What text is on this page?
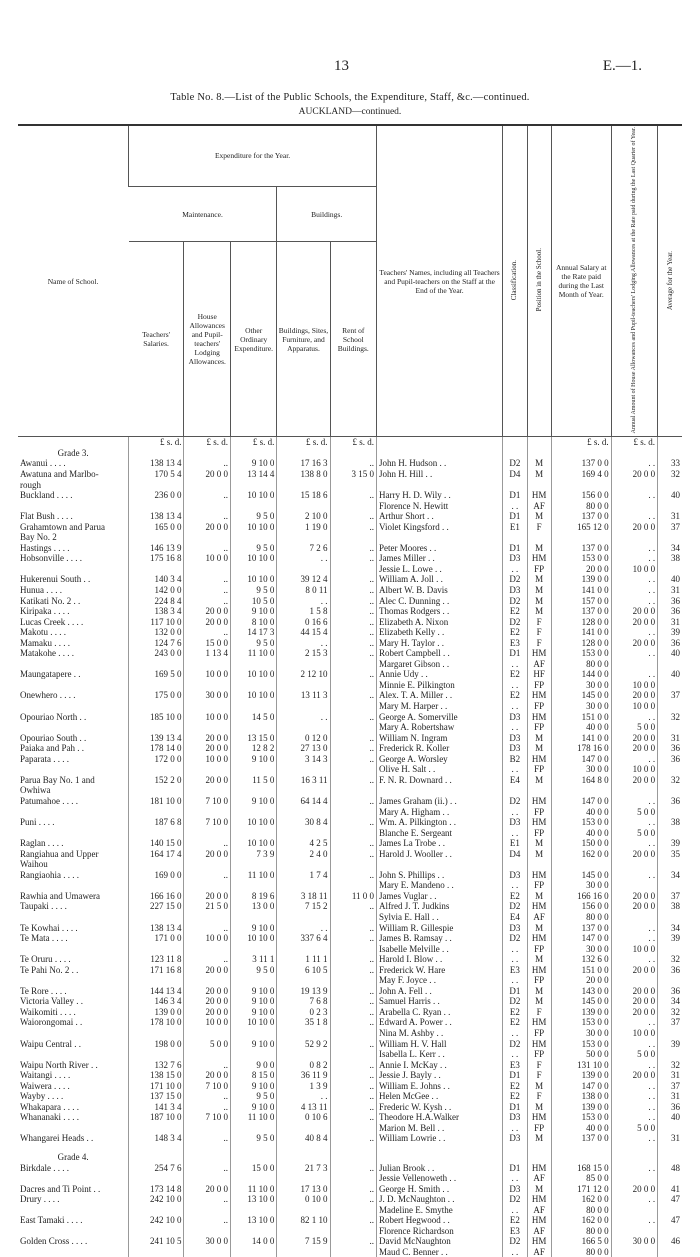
13	E.—1.
Table No. 8.—List of the Public Schools, the Expenditure, Staff, &c.—continued.
AUCKLAND—continued.
Name of School.	Expenditure for the Year.					Teachers' Names, including all Teachers and Pupil-teachers on the Staff at the End of the Year.	Classification.	Position in the School.	Annual Salary at the Rate paid during the Last Month of Year.	Annual Amount of House Allowances and Pupil-teachers' Lodging Allowances at the Rate paid during the Last Quarter of Year.	Average for the Year.
	Maintenance.			Buildings.							
	Teachers' Salaries.	House Allowances and Pupil-teachers' Lodging Allowances.	Other Ordinary Expenditure.	Buildings, Sites, Furniture, and Apparatus.	Rent of School Buildings.						
	£ s. d.	£ s. d.	£ s. d.	£ s. d.	£ s. d.				£ s. d.	£ s. d.	
Grade 3.											
Awanui . . . .	138 13 4	..	9 10 0	17 16 3	..	John H. Hudson . .	D2	M	137 0 0	. .	33
Awatuna and Marlbo-	170 5 4	20 0 0	13 14 4	138 8 0	3 15 0	John H. Hill . .	D4	M	169 4 0	20 0 0	32
rough											
Buckland . . . .	236 0 0	..	10 10 0	15 18 6	..	Harry H. D. Wily . .	D1	HM	156 0 0	. .	40
						Florence N. Hewitt	. .	AF	80 0 0		
Flat Bush . . . .	138 13 4	..	9 5 0	2 10 0	..	Arthur Short . .	D1	M	137 0 0	. .	31
Grahamtown and Parua	165 0 0	20 0 0	10 10 0	1 19 0	..	Violet Kingsford . .	E1	F	165 12 0	20 0 0	37
Bay No. 2											
Hastings . . . .	146 13 9	..	9 5 0	7 2 6	..	Peter Moores . .	D1	M	137 0 0	. .	34
Hobsonville . . . .	175 16 8	10 0 0	10 10 0	. .	..	James Miller . .	D3	HM	153 0 0	. .	38
						Jessie L. Lowe . .	. .	FP	20 0 0	10 0 0	
Hukerenui South . .	140 3 4	..	10 10 0	39 12 4	..	William A. Joll . .	D2	M	139 0 0	. .	40
Hunua . . . .	142 0 0	..	9 5 0	8 0 11	..	Albert W. B. Davis	D3	M	141 0 0	. .	31
Katikati No. 2 . .	224 8 4	..	10 5 0	. .	..	Alec C. Dunning . .	D2	M	157 0 0	. .	36
Kiripaka . . . .	138 3 4	20 0 0	9 10 0	1 5 8	..	Thomas Rodgers . .	E2	M	137 0 0	20 0 0	36
Lucas Creek . . . .	117 10 0	20 0 0	8 10 0	0 16 6	..	Elizabeth A. Nixon	D2	F	128 0 0	20 0 0	31
Makotu . . . .	132 0 0	..	14 17 3	44 15 4	..	Elizabeth Kelly . .	E2	F	141 0 0	. .	39
Mamaku . . . .	124 7 6	15 0 0	9 5 0	. .	..	Mary H. Taylor . .	E3	F	128 0 0	20 0 0	36
Matakohe . . . .	243 0 0	1 13 4	11 10 0	2 15 3	..	Robert Campbell . .	D1	HM	153 0 0	. .	40
						Margaret Gibson . .	. .	AF	80 0 0		
Maungatapere . .	169 5 0	10 0 0	10 10 0	2 12 10	..	Annie Udy . .	E2	HF	144 0 0	. .	40
						Minnie E. Pilkington	. .	FP	30 0 0	10 0 0	
Onewhero . . . .	175 0 0	30 0 0	10 10 0	13 11 3	..	Alex. T. A. Miller . .	E2	HM	145 0 0	20 0 0	37
						Mary M. Harper . .	. .	FP	30 0 0	10 0 0	
Opouriao North . .	185 10 0	10 0 0	14 5 0	. .	..	George A. Somerville	D3	HM	151 0 0	. .	32
						Mary A. Robertshaw	. .	FP	40 0 0	5 0 0	
Opouriao South . .	139 13 4	20 0 0	13 15 0	0 12 0	..	William N. Ingram	D3	M	141 0 0	20 0 0	31
Paiaka and Pah . .	178 14 0	20 0 0	12 8 2	27 13 0	..	Frederick R. Koller	D3	M	178 16 0	20 0 0	36
Paparata . . . .	172 0 0	10 0 0	9 10 0	3 14 3	..	George A. Worsley	B2	HM	147 0 0	. .	36
						Olive H. Salt . .	. .	FP	30 0 0	10 0 0	
Parua Bay No. 1 and	152 2 0	20 0 0	11 5 0	16 3 11	..	F. N. R. Downard . .	E4	M	164 8 0	20 0 0	32
Owhiwa											
Patumahoe . . . .	181 10 0	7 10 0	9 10 0	64 14 4	..	James Graham (ii.) . .	D2	HM	147 0 0	. .	36
						Mary A. Higham . .	. .	FP	40 0 0	5 0 0	
Puni . . . .	187 6 8	7 10 0	10 10 0	30 8 4	..	Wm. A. Pilkington . .	D3	HM	153 0 0	. .	38
						Blanche E. Sergeant	. .	FP	40 0 0	5 0 0	
Raglan . . . .	140 15 0	..	10 10 0	4 2 5	..	James La Trobe . .	E1	M	150 0 0	. .	39
Rangiahua and Upper	164 17 4	20 0 0	7 3 9	2 4 0	..	Harold J. Wooller . .	D4	M	162 0 0	20 0 0	35
Waihou											
Rangiaohia . . . .	169 0 0	..	11 10 0	1 7 4	..	John S. Phillips . .	D3	HM	145 0 0	. .	34
						Mary E. Mandeno . .	. .	FP	30 0 0		
Rawhia and Umawera	166 16 0	20 0 0	8 19 6	3 18 11	11 0 0	James Vuglar . .	E2	M	166 16 0	20 0 0	37
Taupaki . . . .	227 15 0	21 5 0	13 0 0	7 15 2	..	Alfred J. T. Judkins	D2	HM	156 0 0	20 0 0	38
						Sylvia E. Hall . .	E4	AF	80 0 0		
Te Kowhai . . . .	138 13 4	..	9 10 0	. .	..	William R. Gillespie	D3	M	137 0 0	. .	34
Te Mata . . . .	171 0 0	10 0 0	10 10 0	337 6 4	..	James B. Ramsay . .	D2	HM	147 0 0	. .	39
						Isabelle Melville . .	. .	FP	30 0 0	10 0 0	
Te Oruru . . . .	123 11 8	..	3 11 1	1 11 1	..	Harold I. Blow . .	. .	M	132 6 0	. .	32
Te Pahi No. 2 . .	171 16 8	20 0 0	9 5 0	6 10 5	..	Frederick W. Hare	E3	HM	151 0 0	20 0 0	36
						May F. Joyce . .	. .	FP	20 0 0		
Te Rore . . . .	144 13 4	20 0 0	9 10 0	19 13 9	..	John A. Fell . .	D1	M	143 0 0	20 0 0	36
Victoria Valley . .	146 3 4	20 0 0	9 10 0	7 6 8	..	Samuel Harris . .	D2	M	145 0 0	20 0 0	34
Waikomiti . . . .	139 0 0	20 0 0	9 10 0	0 2 3	..	Arabella C. Ryan . .	E2	F	139 0 0	20 0 0	32
Waiorongomai . .	178 10 0	10 0 0	10 10 0	35 1 8	..	Edward A. Power . .	E2	HM	153 0 0	. .	37
						Nina M. Ashby . .	. .	FP	30 0 0	10 0 0	
Waipu Central . .	198 0 0	5 0 0	9 10 0	52 9 2	..	William H. V. Hall	D2	HM	153 0 0	. .	39
						Isabella L. Kerr . .	. .	FP	50 0 0	5 0 0	
Waipu North River . .	132 7 6	..	9 0 0	0 8 2	..	Annie I. McKay . .	E3	F	131 10 0	. .	32
Waitangi . . . .	138 15 0	20 0 0	8 15 0	36 11 9	..	Jessie J. Bayly . .	D1	F	139 0 0	20 0 0	31
Waiwera . . . .	171 10 0	7 10 0	9 10 0	1 3 9	..	William E. Johns . .	E2	M	147 0 0	. .	37
Wayby . . . .	137 15 0	..	9 5 0	. .	..	Helen McGee . .	E2	F	138 0 0	. .	31
Whakapara . . . .	141 3 4	..	9 10 0	4 13 11	..	Frederic W. Kysh . .	D1	M	139 0 0	. .	36
Whananaki . . . .	187 10 0	7 10 0	11 10 0	0 10 6	..	Theodore H.A.Walker	D3	HM	153 0 0	. .	40
						Marion M. Bell . .	. .	FP	40 0 0	5 0 0	
Whangarei Heads . .	148 3 4	..	9 5 0	40 8 4	..	William Lowrie . .	D3	M	137 0 0	. .	31

Grade 4.											
Birkdale . . . .	254 7 6	..	15 0 0	21 7 3	..	Julian Brook . .	D1	HM	168 15 0	. .	48
						Jessie Vellenoweth . .	. .	AF	85 0 0		
Dacres and Ti Point . .	173 14 8	20 0 0	11 10 0	17 13 0	..	George H. Smith . .	D3	M	171 12 0	20 0 0	41
Drury . . . .	242 10 0	..	13 10 0	0 10 0	..	J. D. McNaughton . .	D2	HM	162 0 0	. .	47
						Madeline E. Smythe	. .	AF	80 0 0		
East Tamaki . . . .	242 10 0	..	13 10 0	82 1 10	..	Robert Hegwood . .	E2	HM	162 0 0	. .	47
						Florence Richardson	E3	AF	80 0 0		
Golden Cross . . . .	241 10 5	30 0 0	14 0 0	7 15 9	..	David McNaughton	D2	HM	166 5 0	30 0 0	46
						Maud C. Benner . .	. .	AF	80 0 0		
